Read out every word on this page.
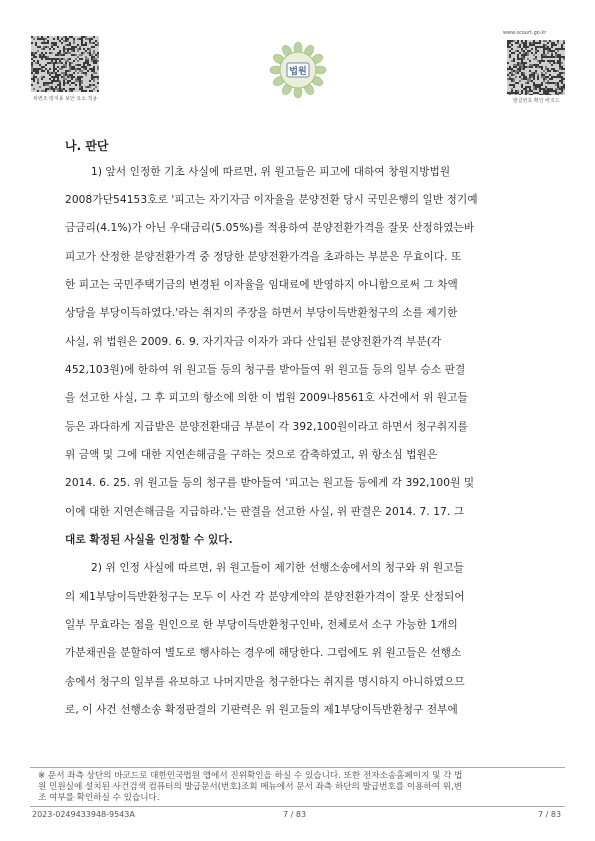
위변조 방지용 보안 요소 적용
법원
www.scourt.go.kr
발급번호 확인 바코드
나. 판단
1) 앞서 인정한 기초 사실에 따르면, 위 원고들은 피고에 대하여 창원지방법원
2008가단54153호로 '피고는 자기자금 이자율을 분양전환 당시 국민은행의 일반 정기예
금금리(4.1%)가 아닌 우대금리(5.05%)를 적용하여 분양전환가격을 잘못 산정하였는바
피고가 산정한 분양전환가격 중 정당한 분양전환가격을 초과하는 부분은 무효이다. 또
한 피고는 국민주택기금의 변경된 이자율을 임대료에 반영하지 아니함으로써 그 차액
상당을 부당이득하였다.'라는 취지의 주장을 하면서 부당이득반환청구의 소를 제기한
사실, 위 법원은 2009. 6. 9. 자기자금 이자가 과다 산입된 분양전환가격 부분(각
452,103원)에 한하여 위 원고들 등의 청구를 받아들여 위 원고들 등의 일부 승소 판결
을 선고한 사실, 그 후 피고의 항소에 의한 이 법원 2009나8561호 사건에서 위 원고들
등은 과다하게 지급받은 분양전환대금 부분이 각 392,100원이라고 하면서 청구취지를
위 금액 및 그에 대한 지연손해금을 구하는 것으로 감축하였고, 위 항소심 법원은
2014. 6. 25. 위 원고들 등의 청구를 받아들여 '피고는 원고들 등에게 각 392,100원 및
이에 대한 지연손해금을 지급하라.'는 판결을 선고한 사실, 위 판결은 2014. 7. 17. 그
대로 확정된 사실을 인정할 수 있다.
2) 위 인정 사실에 따르면, 위 원고들이 제기한 선행소송에서의 청구와 위 원고들
의 제1부당이득반환청구는 모두 이 사건 각 분양계약의 분양전환가격이 잘못 산정되어
일부 무효라는 점을 원인으로 한 부당이득반환청구인바, 전체로서 소구 가능한 1개의
가분채권을 분할하여 별도로 행사하는 경우에 해당한다. 그럼에도 위 원고들은 선행소
송에서 청구의 일부를 유보하고 나머지만을 청구한다는 취지를 명시하지 아니하였으므
로, 이 사건 선행소송 확정판결의 기판력은 위 원고들의 제1부당이득반환청구 전부에
※ 문서 좌측 상단의 바코드로 대한민국법원 앱에서 진위확인을 하실 수 있습니다. 또한 전자소송홈페이지 및 각 법
원 민원실에 설치된 사건검색 컴퓨터의 발급문서(번호)조회 메뉴에서 문서 좌측 하단의 발급번호를 이용하여 위,변
조 여부를 확인하실 수 있습니다.
2023-0249433948-9543A	7 / 83	7 / 83
